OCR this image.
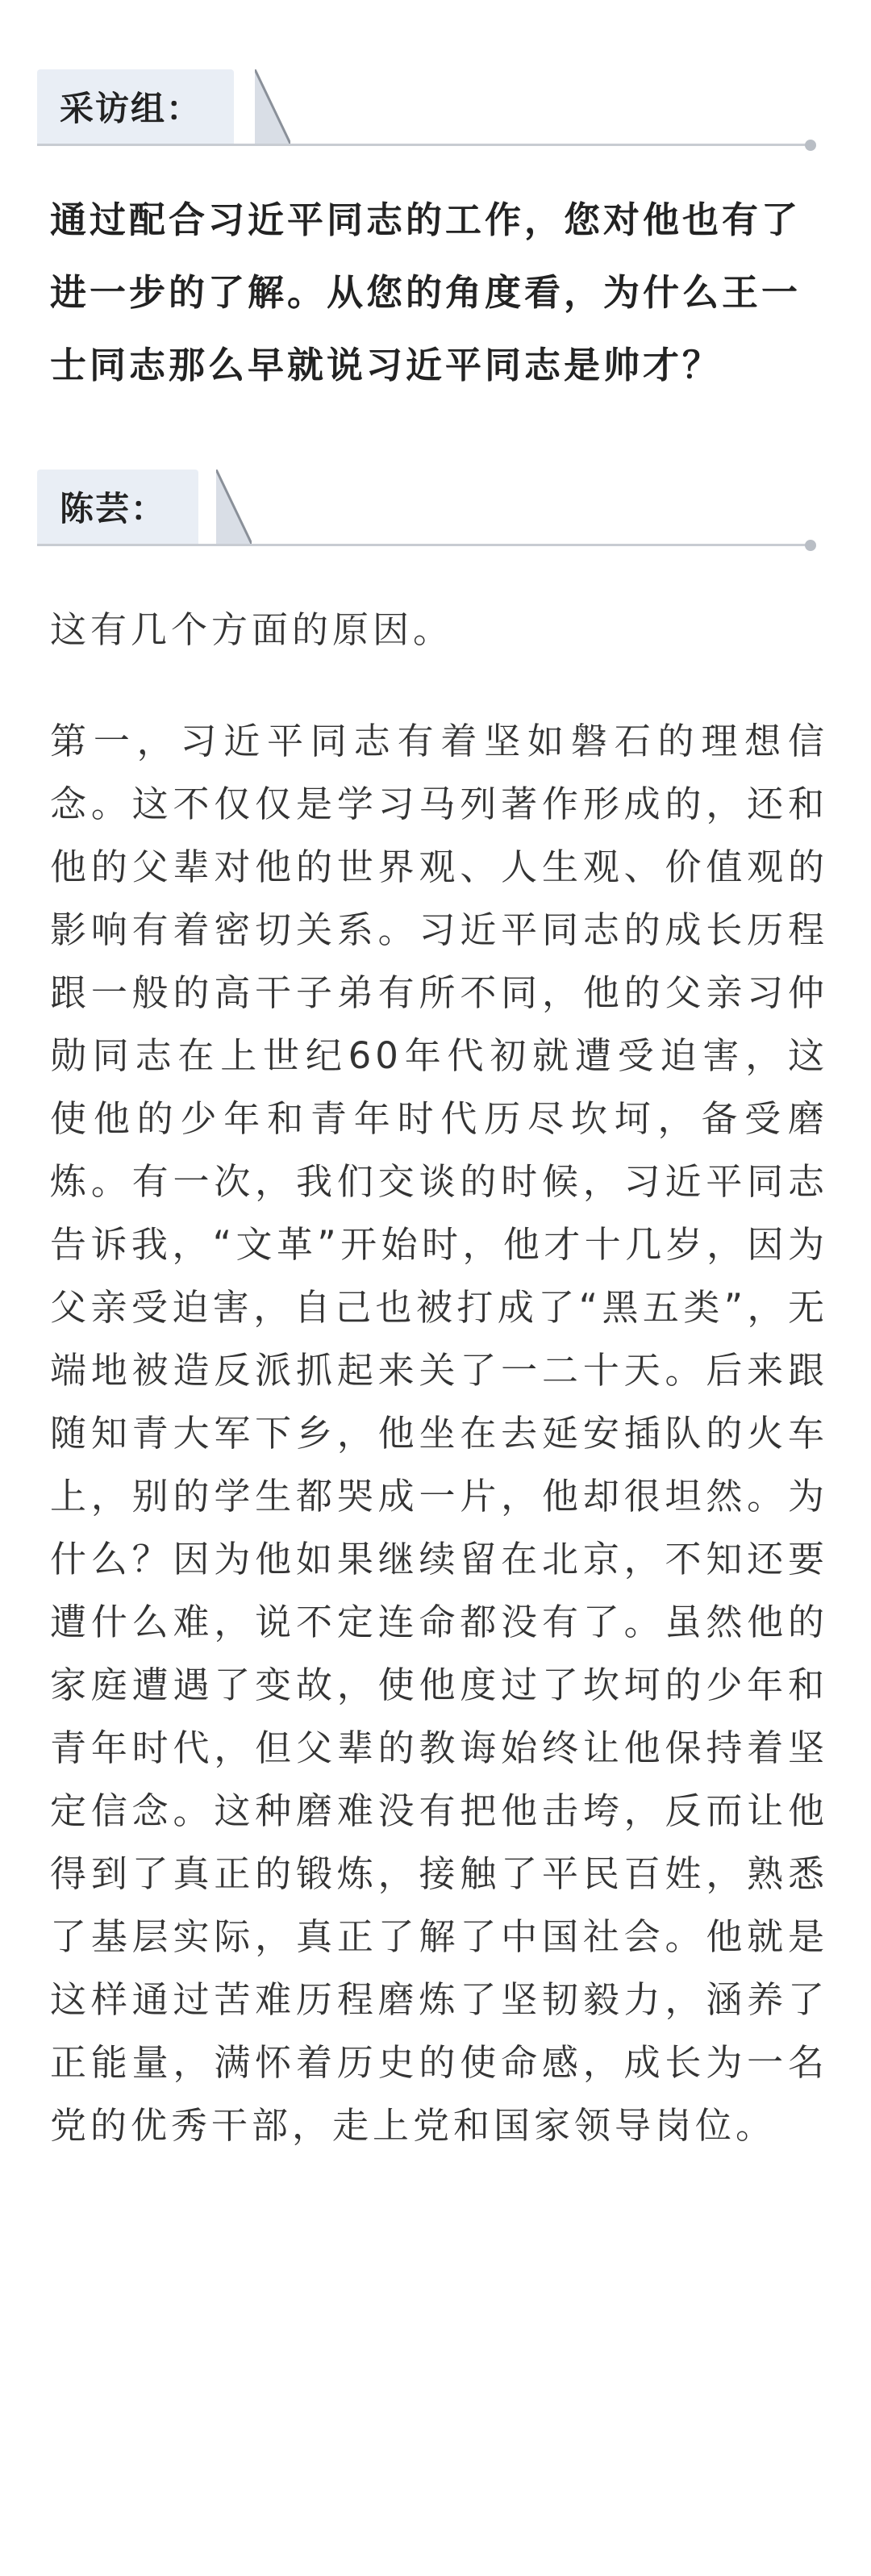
采访组：

通过配合习近平同志的工作，您对他也有了进一步的了解。从您的角度看，为什么王一士同志那么早就说习近平同志是帅才？

陈芸：

这有几个方面的原因。

第一，习近平同志有着坚如磐石的理想信念。这不仅仅是学习马列著作形成的，还和他的父辈对他的世界观、人生观、价值观的影响有着密切关系。习近平同志的成长历程跟一般的高干子弟有所不同，他的父亲习仲勋同志在上世纪60年代初就遭受迫害，这使他的少年和青年时代历尽坎坷，备受磨炼。有一次，我们交谈的时候，习近平同志告诉我，“文革”开始时，他才十几岁，因为父亲受迫害，自己也被打成了“黑五类”，无端地被造反派抓起来关了一二十天。后来跟随知青大军下乡，他坐在去延安插队的火车上，别的学生都哭成一片，他却很坦然。为什么？因为他如果继续留在北京，不知还要遭什么难，说不定连命都没有了。虽然他的家庭遭遇了变故，使他度过了坎坷的少年和青年时代，但父辈的教诲始终让他保持着坚定信念。这种磨难没有把他击垮，反而让他得到了真正的锻炼，接触了平民百姓，熟悉了基层实际，真正了解了中国社会。他就是这样通过苦难历程磨炼了坚韧毅力，涵养了正能量，满怀着历史的使命感，成长为一名党的优秀干部，走上党和国家领导岗位。
